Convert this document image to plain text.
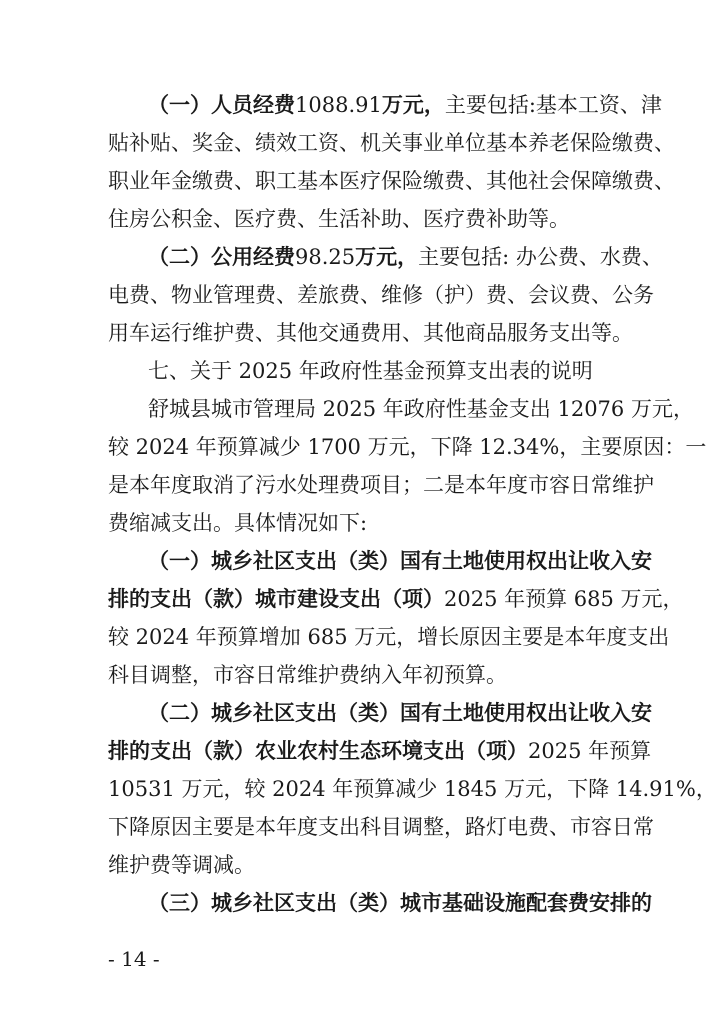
（一）人员经费1088.91万元，主要包括:基本工资、津
贴补贴、奖金、绩效工资、机关事业单位基本养老保险缴费、
职业年金缴费、职工基本医疗保险缴费、其他社会保障缴费、
住房公积金、医疗费、生活补助、医疗费补助等。
（二）公用经费98.25万元，主要包括: 办公费、水费、
电费、物业管理费、差旅费、维修（护）费、会议费、公务
用车运行维护费、其他交通费用、其他商品服务支出等。
七、关于 2025 年政府性基金预算支出表的说明
舒城县城市管理局 2025 年政府性基金支出 12076 万元，
较 2024 年预算减少 1700 万元，下降 12.34%，主要原因：一
是本年度取消了污水处理费项目；二是本年度市容日常维护
费缩减支出。具体情况如下:
（一）城乡社区支出（类）国有土地使用权出让收入安
排的支出（款）城市建设支出（项）2025 年预算 685 万元，
较 2024 年预算增加 685 万元，增长原因主要是本年度支出
科目调整，市容日常维护费纳入年初预算。
（二）城乡社区支出（类）国有土地使用权出让收入安
排的支出（款）农业农村生态环境支出（项）2025 年预算
10531 万元，较 2024 年预算减少 1845 万元，下降 14.91%，
下降原因主要是本年度支出科目调整，路灯电费、市容日常
维护费等调减。
（三）城乡社区支出（类）城市基础设施配套费安排的
- 14 -
